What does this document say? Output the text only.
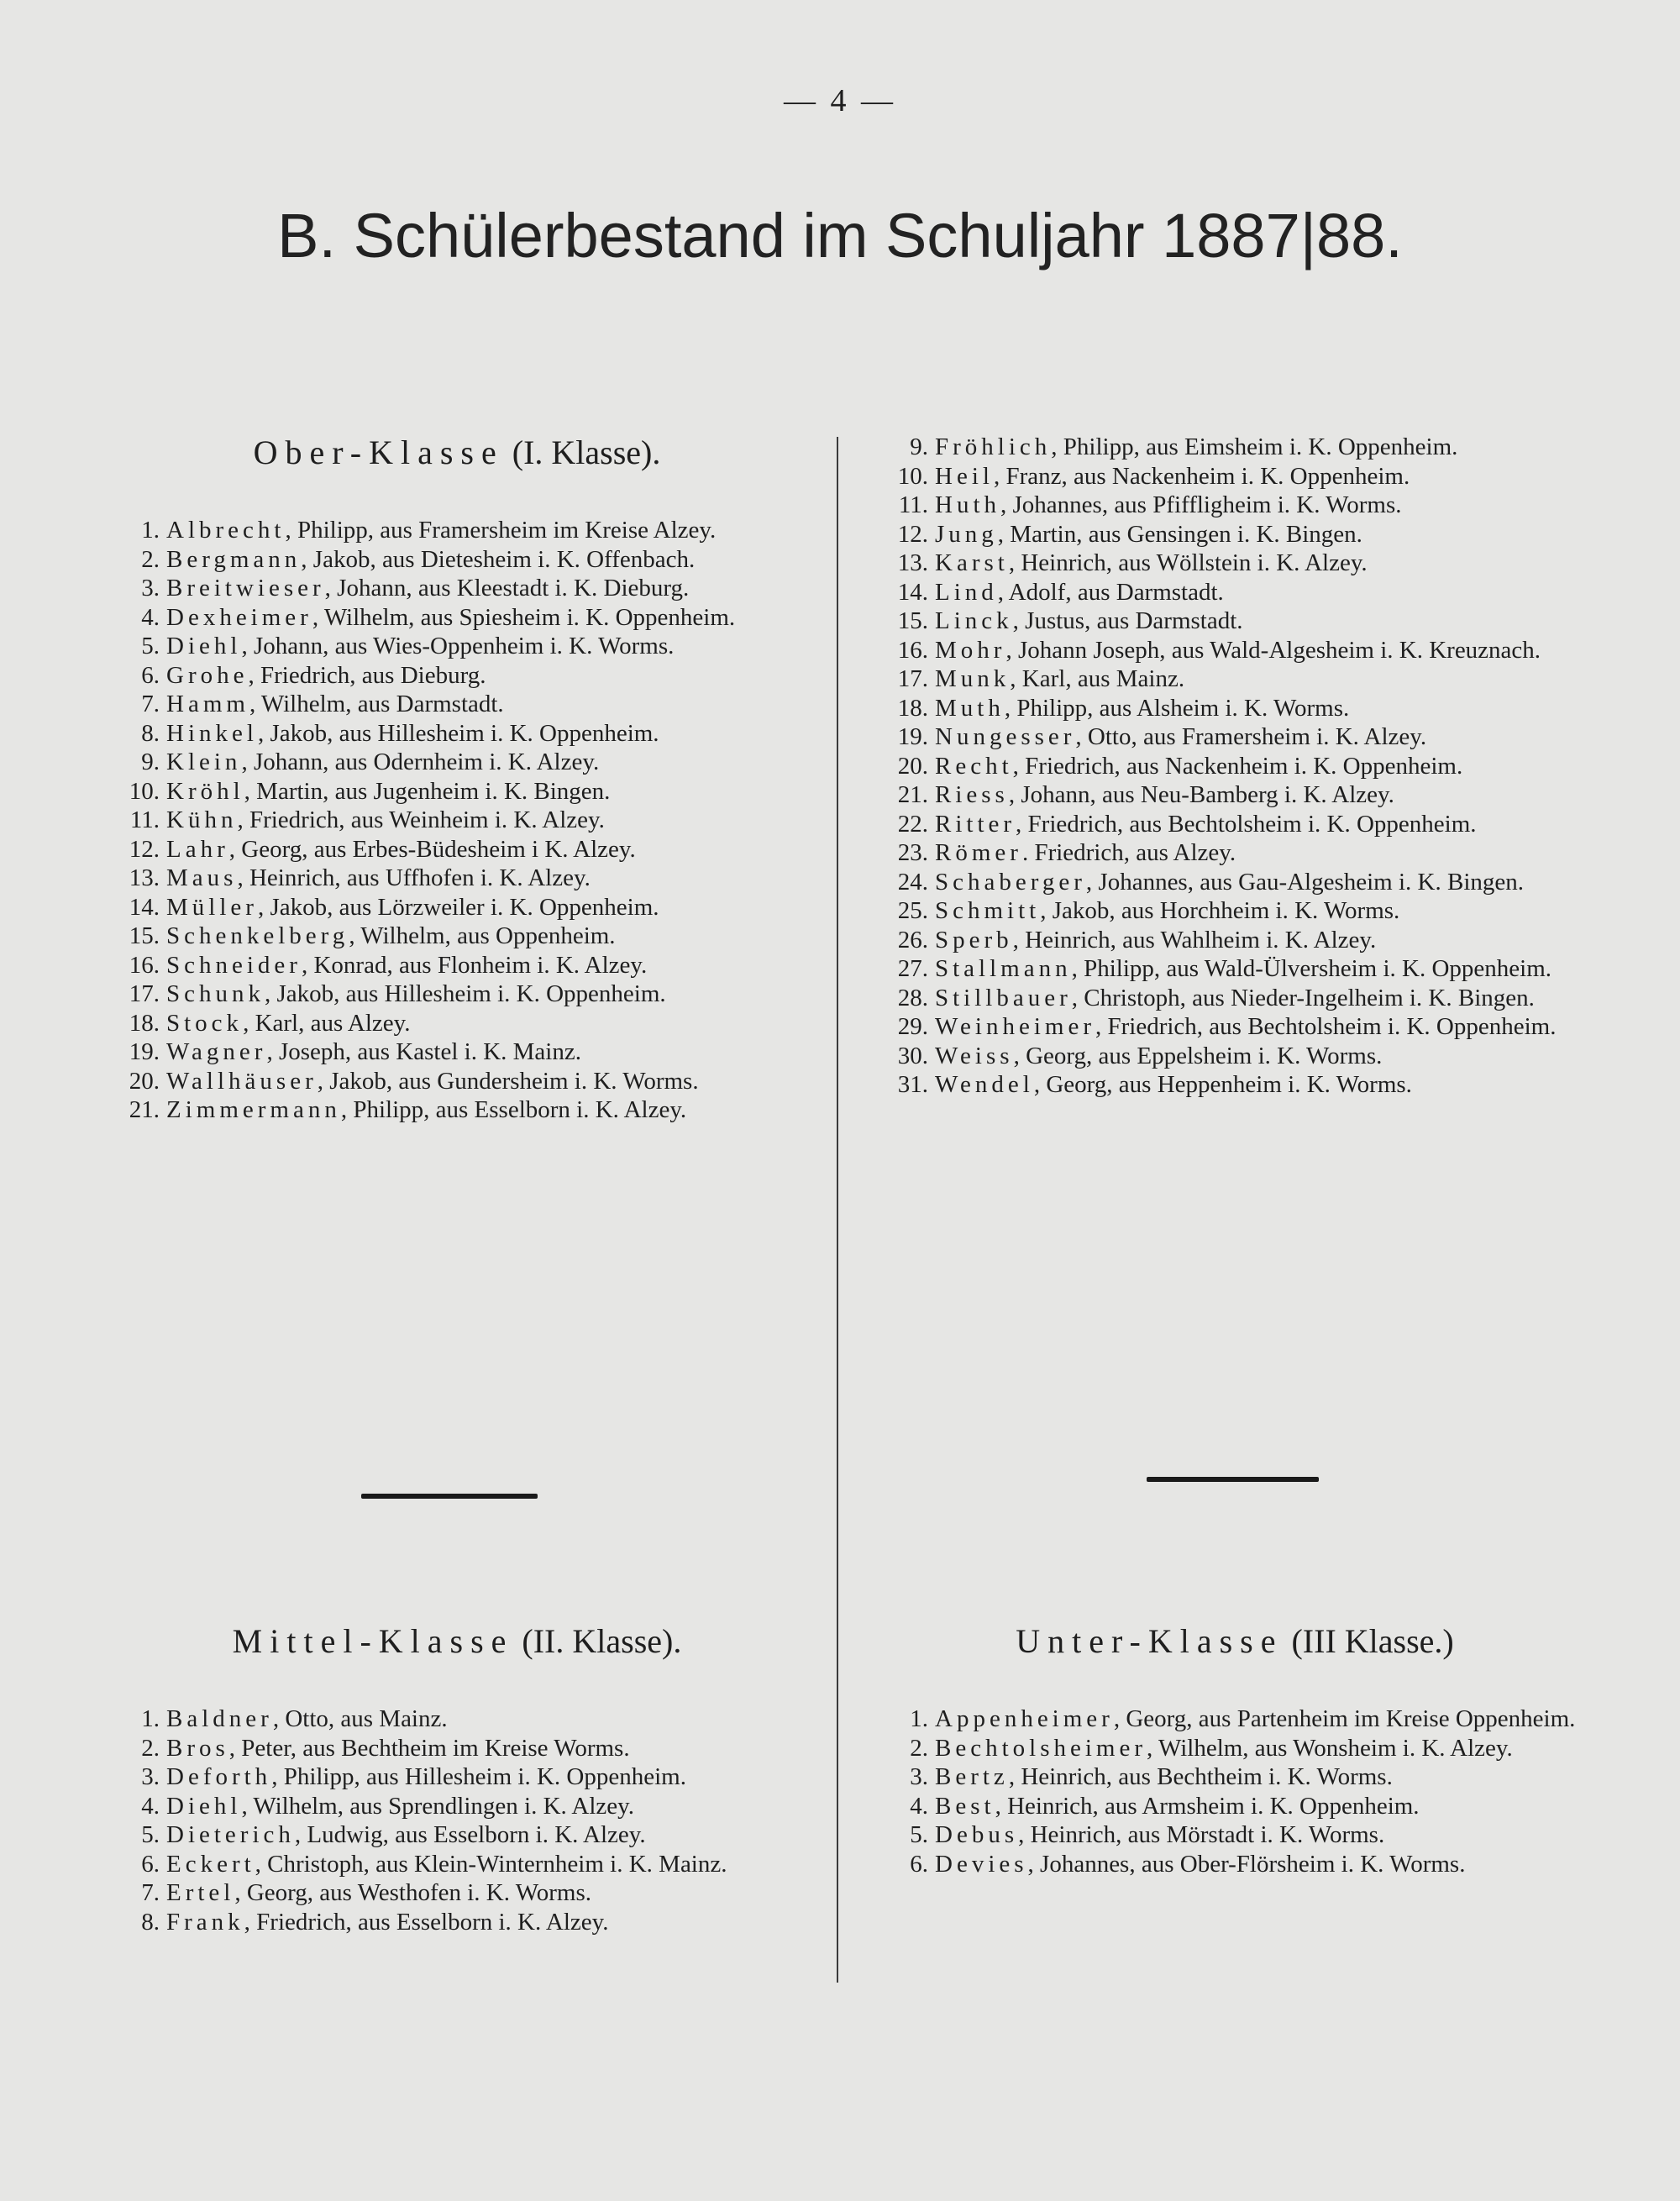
— 4 —
B. Schülerbestand im Schuljahr 1887|88.
Ober-Klasse (I. Klasse).
1. Albrecht, Philipp, aus Framersheim im Kreise Alzey.
2. Bergmann, Jakob, aus Dietesheim i. K. Offenbach.
3. Breitwieser, Johann, aus Kleestadt i. K. Dieburg.
4. Dexheimer, Wilhelm, aus Spiesheim i. K. Oppenheim.
5. Diehl, Johann, aus Wies-Oppenheim i. K. Worms.
6. Grohe, Friedrich, aus Dieburg.
7. Hamm, Wilhelm, aus Darmstadt.
8. Hinkel, Jakob, aus Hillesheim i. K. Oppenheim.
9. Klein, Johann, aus Odernheim i. K. Alzey.
10. Kröhl, Martin, aus Jugenheim i. K. Bingen.
11. Kühn, Friedrich, aus Weinheim i. K. Alzey.
12. Lahr, Georg, aus Erbes-Büdesheim i K. Alzey.
13. Maus, Heinrich, aus Uffhofen i. K. Alzey.
14. Müller, Jakob, aus Lörzweiler i. K. Oppenheim.
15. Schenkelberg, Wilhelm, aus Oppenheim.
16. Schneider, Konrad, aus Flonheim i. K. Alzey.
17. Schunk, Jakob, aus Hillesheim i. K. Oppenheim.
18. Stock, Karl, aus Alzey.
19. Wagner, Joseph, aus Kastel i. K. Mainz.
20. Wallhäuser, Jakob, aus Gundersheim i. K. Worms.
21. Zimmermann, Philipp, aus Esselborn i. K. Alzey.
9. Fröhlich, Philipp, aus Eimsheim i. K. Oppenheim.
10. Heil, Franz, aus Nackenheim i. K. Oppenheim.
11. Huth, Johannes, aus Pfiffligheim i. K. Worms.
12. Jung, Martin, aus Gensingen i. K. Bingen.
13. Karst, Heinrich, aus Wöllstein i. K. Alzey.
14. Lind, Adolf, aus Darmstadt.
15. Linck, Justus, aus Darmstadt.
16. Mohr, Johann Joseph, aus Wald-Algesheim i. K. Kreuznach.
17. Munk, Karl, aus Mainz.
18. Muth, Philipp, aus Alsheim i. K. Worms.
19. Nungesser, Otto, aus Framersheim i. K. Alzey.
20. Recht, Friedrich, aus Nackenheim i. K. Oppenheim.
21. Riess, Johann, aus Neu-Bamberg i. K. Alzey.
22. Ritter, Friedrich, aus Bechtolsheim i. K. Oppenheim.
23. Römer. Friedrich, aus Alzey.
24. Schaberger, Johannes, aus Gau-Algesheim i. K. Bingen.
25. Schmitt, Jakob, aus Horchheim i. K. Worms.
26. Sperb, Heinrich, aus Wahlheim i. K. Alzey.
27. Stallmann, Philipp, aus Wald-Ülversheim i. K. Oppenheim.
28. Stillbauer, Christoph, aus Nieder-Ingelheim i. K. Bingen.
29. Weinheimer, Friedrich, aus Bechtolsheim i. K. Oppenheim.
30. Weiss, Georg, aus Eppelsheim i. K. Worms.
31. Wendel, Georg, aus Heppenheim i. K. Worms.
Mittel-Klasse (II. Klasse).
1. Baldner, Otto, aus Mainz.
2. Bros, Peter, aus Bechtheim im Kreise Worms.
3. Deforth, Philipp, aus Hillesheim i. K. Oppenheim.
4. Diehl, Wilhelm, aus Sprendlingen i. K. Alzey.
5. Dieterich, Ludwig, aus Esselborn i. K. Alzey.
6. Eckert, Christoph, aus Klein-Winternheim i. K. Mainz.
7. Ertel, Georg, aus Westhofen i. K. Worms.
8. Frank, Friedrich, aus Esselborn i. K. Alzey.
Unter-Klasse (III Klasse.)
1. Appenheimer, Georg, aus Partenheim im Kreise Oppenheim.
2. Bechtolsheimer, Wilhelm, aus Wonsheim i. K. Alzey.
3. Bertz, Heinrich, aus Bechtheim i. K. Worms.
4. Best, Heinrich, aus Armsheim i. K. Oppenheim.
5. Debus, Heinrich, aus Mörstadt i. K. Worms.
6. Devies, Johannes, aus Ober-Flörsheim i. K. Worms.
